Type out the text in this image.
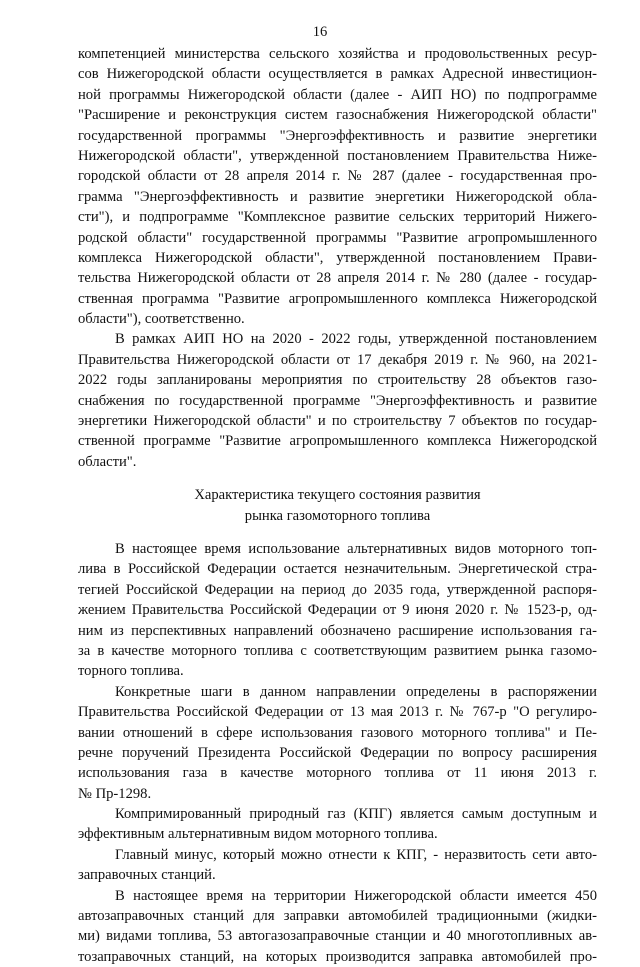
16
компетенцией министерства сельского хозяйства и продовольственных ресур-
сов Нижегородской области осуществляется в рамках Адресной инвестицион-
ной программы Нижегородской области (далее - АИП НО) по подпрограмме
"Расширение и реконструкция систем газоснабжения Нижегородской области"
государственной программы "Энергоэффективность и развитие энергетики
Нижегородской области", утвержденной постановлением Правительства Ниже-
городской области от 28 апреля 2014 г. № 287 (далее - государственная про-
грамма "Энергоэффективность и развитие энергетики Нижегородской обла-
сти"), и подпрограмме "Комплексное развитие сельских территорий Нижего-
родской области" государственной программы "Развитие агропромышленного
комплекса Нижегородской области", утвержденной постановлением Прави-
тельства Нижегородской области от 28 апреля 2014 г. № 280 (далее - государ-
ственная программа "Развитие агропромышленного комплекса Нижегородской
области"), соответственно.
В рамках АИП НО на 2020 - 2022 годы, утвержденной постановлением
Правительства Нижегородской области от 17 декабря 2019 г. № 960, на 2021-
2022 годы запланированы мероприятия по строительству 28 объектов газо-
снабжения по государственной программе "Энергоэффективность и развитие
энергетики Нижегородской области" и по строительству 7 объектов по государ-
ственной программе "Развитие агропромышленного комплекса Нижегородской
области".
Характеристика текущего состояния развития
рынка газомоторного топлива
В настоящее время использование альтернативных видов моторного топ-
лива в Российской Федерации остается незначительным. Энергетической стра-
тегией Российской Федерации на период до 2035 года, утвержденной распоря-
жением Правительства Российской Федерации от 9 июня 2020 г. № 1523-р, од-
ним из перспективных направлений обозначено расширение использования га-
за в качестве моторного топлива с соответствующим развитием рынка газомо-
торного топлива.
Конкретные шаги в данном направлении определены в распоряжении
Правительства Российской Федерации от 13 мая 2013 г. № 767-р "О регулиро-
вании отношений в сфере использования газового моторного топлива" и Пе-
речне поручений Президента Российской Федерации по вопросу расширения
использования газа в качестве моторного топлива от 11 июня 2013 г.
№ Пр-1298.
Компримированный природный газ (КПГ) является самым доступным и
эффективным альтернативным видом моторного топлива.
Главный минус, который можно отнести к КПГ, - неразвитость сети авто-
заправочных станций.
В настоящее время на территории Нижегородской области имеется 450
автозаправочных станций для заправки автомобилей традиционными (жидки-
ми) видами топлива, 53 автогазозаправочные станции и 40 многотопливных ав-
тозаправочных станций, на которых производится заправка автомобилей про-
